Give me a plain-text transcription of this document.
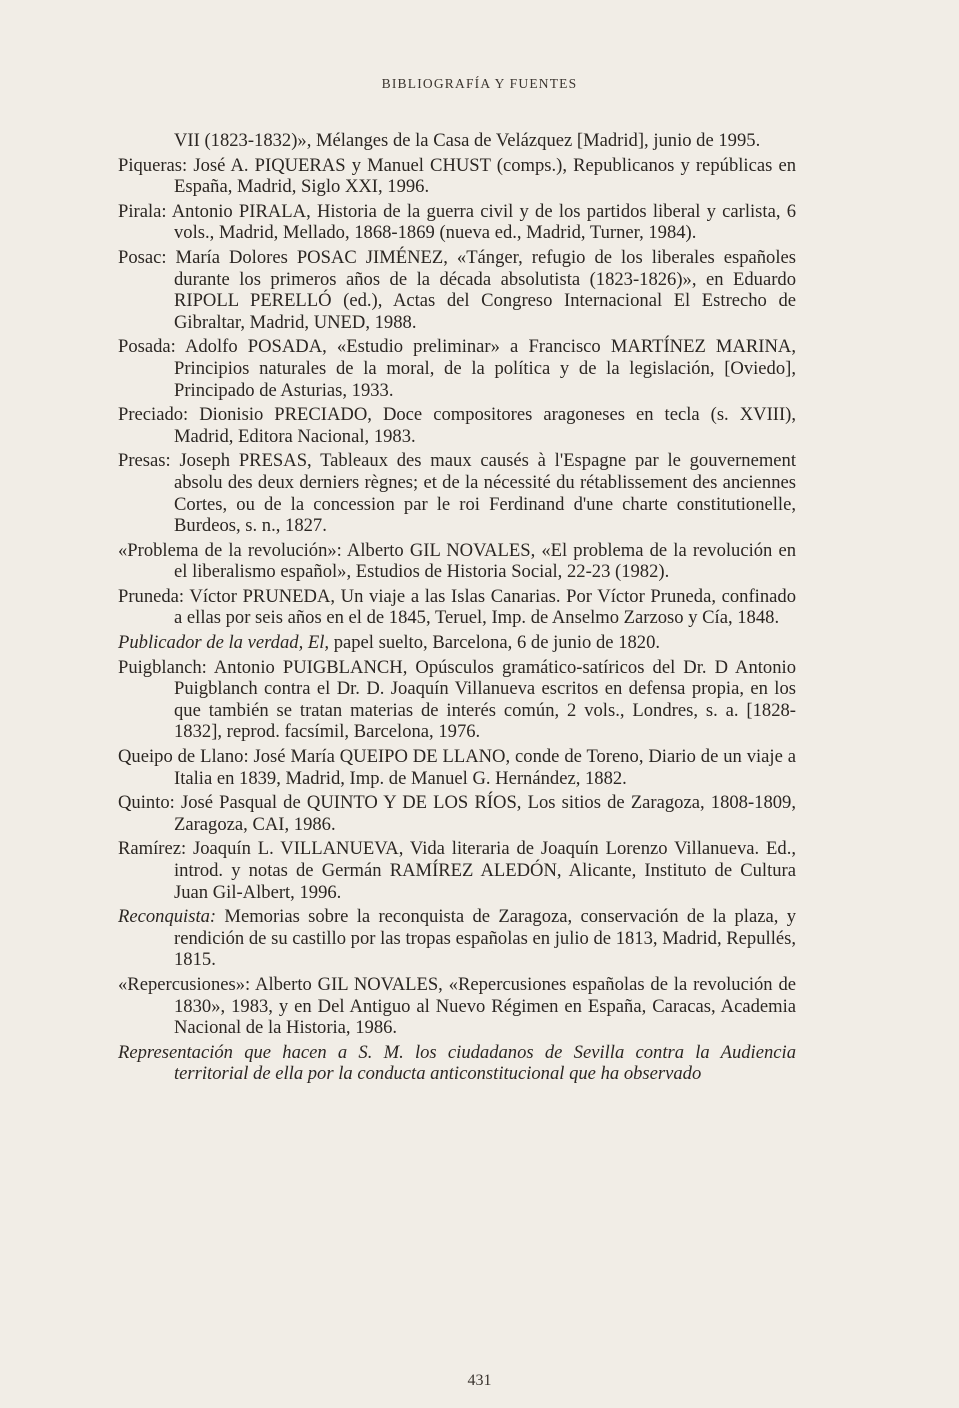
BIBLIOGRAFÍA Y FUENTES
VII (1823-1832)», Mélanges de la Casa de Velázquez [Madrid], junio de 1995.
Piqueras: José A. PIQUERAS y Manuel CHUST (comps.), Republicanos y repúblicas en España, Madrid, Siglo XXI, 1996.
Pirala: Antonio PIRALA, Historia de la guerra civil y de los partidos liberal y carlista, 6 vols., Madrid, Mellado, 1868-1869 (nueva ed., Madrid, Turner, 1984).
Posac: María Dolores POSAC JIMÉNEZ, «Tánger, refugio de los liberales españoles durante los primeros años de la década absolutista (1823-1826)», en Eduardo RIPOLL PERELLÓ (ed.), Actas del Congreso Internacional El Estrecho de Gibraltar, Madrid, UNED, 1988.
Posada: Adolfo POSADA, «Estudio preliminar» a Francisco MARTÍNEZ MARINA, Principios naturales de la moral, de la política y de la legislación, [Oviedo], Principado de Asturias, 1933.
Preciado: Dionisio PRECIADO, Doce compositores aragoneses en tecla (s. XVIII), Madrid, Editora Nacional, 1983.
Presas: Joseph PRESAS, Tableaux des maux causés à l'Espagne par le gouvernement absolu des deux derniers règnes; et de la nécessité du rétablissement des anciennes Cortes, ou de la concession par le roi Ferdinand d'une charte constitutionelle, Burdeos, s. n., 1827.
«Problema de la revolución»: Alberto GIL NOVALES, «El problema de la revolución en el liberalismo español», Estudios de Historia Social, 22-23 (1982).
Pruneda: Víctor PRUNEDA, Un viaje a las Islas Canarias. Por Víctor Pruneda, confinado a ellas por seis años en el de 1845, Teruel, Imp. de Anselmo Zarzoso y Cía, 1848.
Publicador de la verdad, El, papel suelto, Barcelona, 6 de junio de 1820.
Puigblanch: Antonio PUIGBLANCH, Opúsculos gramático-satíricos del Dr. D Antonio Puigblanch contra el Dr. D. Joaquín Villanueva escritos en defensa propia, en los que también se tratan materias de interés común, 2 vols., Londres, s. a. [1828-1832], reprod. facsímil, Barcelona, 1976.
Queipo de Llano: José María QUEIPO DE LLANO, conde de Toreno, Diario de un viaje a Italia en 1839, Madrid, Imp. de Manuel G. Hernández, 1882.
Quinto: José Pasqual de QUINTO Y DE LOS RÍOS, Los sitios de Zaragoza, 1808-1809, Zaragoza, CAI, 1986.
Ramírez: Joaquín L. VILLANUEVA, Vida literaria de Joaquín Lorenzo Villanueva. Ed., introd. y notas de Germán RAMÍREZ ALEDÓN, Alicante, Instituto de Cultura Juan Gil-Albert, 1996.
Reconquista: Memorias sobre la reconquista de Zaragoza, conservación de la plaza, y rendición de su castillo por las tropas españolas en julio de 1813, Madrid, Repullés, 1815.
«Repercusiones»: Alberto GIL NOVALES, «Repercusiones españolas de la revolución de 1830», 1983, y en Del Antiguo al Nuevo Régimen en España, Caracas, Academia Nacional de la Historia, 1986.
Representación que hacen a S. M. los ciudadanos de Sevilla contra la Audiencia territorial de ella por la conducta anticonstitucional que ha observado
431
